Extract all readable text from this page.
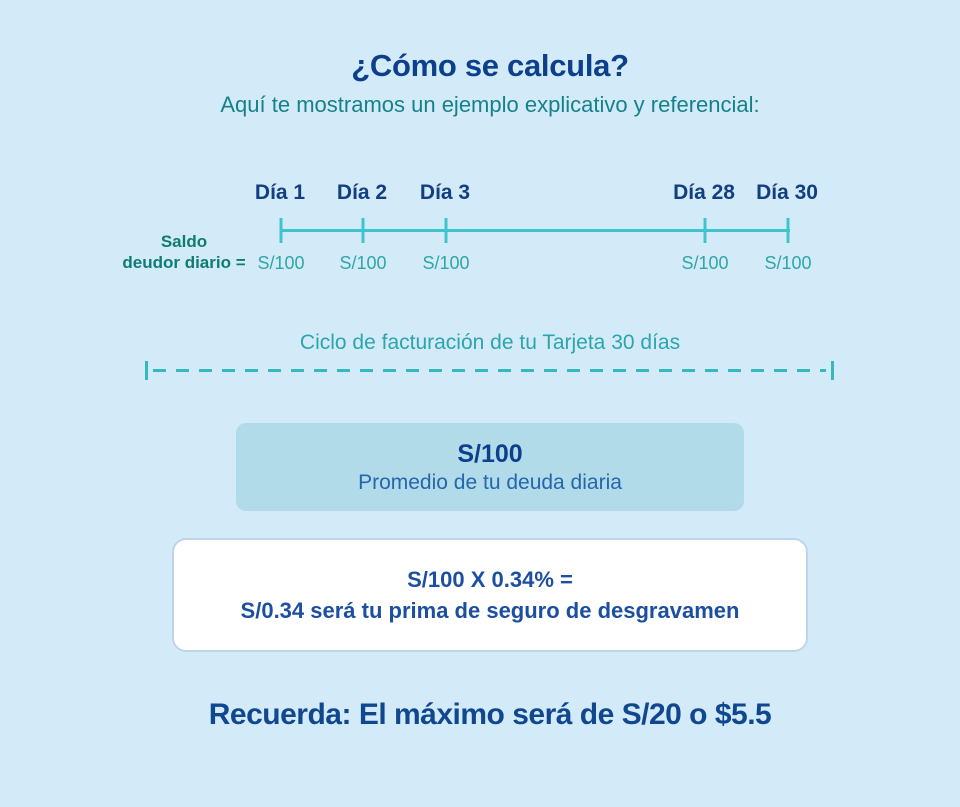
¿Cómo se calcula?
Aquí te mostramos un ejemplo explicativo y referencial:
Día 1 Día 2 Día 3	Día 28 Día 30
Saldo
deudor diario = S/100 S/100 S/100	S/100 S/100
Ciclo de facturación de tu Tarjeta 30 días
S/100
Promedio de tu deuda diaria
S/100 X 0.34% =
S/0.34 será tu prima de seguro de desgravamen
Recuerda: El máximo será de S/20 o $5.5
